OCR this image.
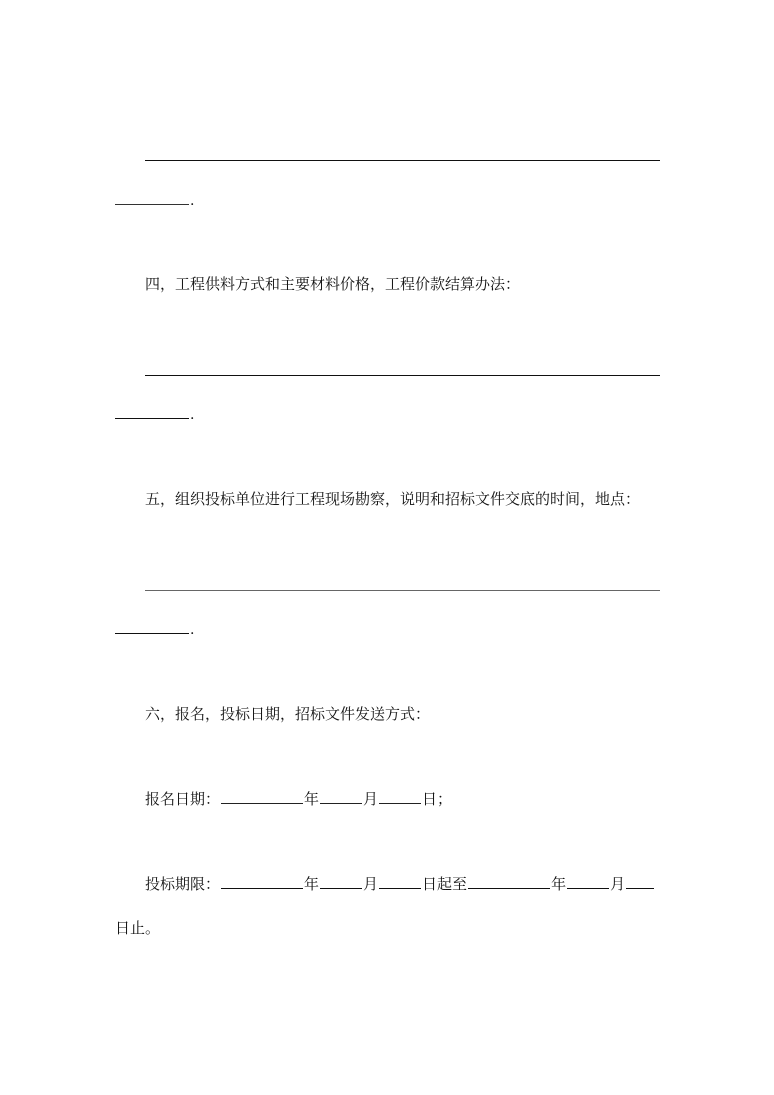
.
四，工程供料方式和主要材料价格，工程价款结算办法：
.
五，组织投标单位进行工程现场勘察，说明和招标文件交底的时间，地点：
.
六，报名，投标日期，招标文件发送方式：
报名日期：	年	月	日；
投标期限：	年	月	日起至	年	月
日止。
